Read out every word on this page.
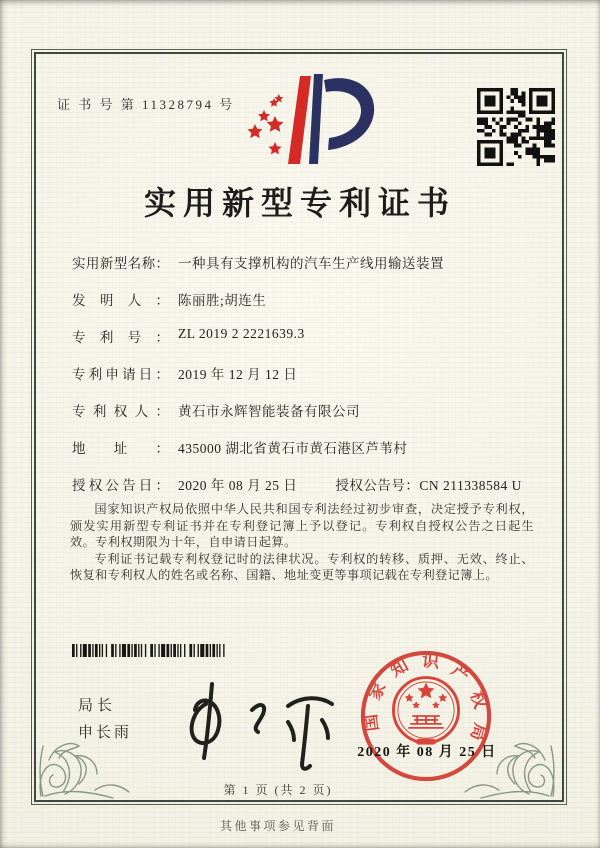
证 书 号 第 11328794 号
实用新型专利证书
实用新型名称： 一种具有支撑机构的汽车生产线用输送装置
发明人： 陈丽胜;胡连生
专利号： ZL 2019 2 2221639.3
专利申请日： 2019 年 12 月 12 日
专利权人： 黄石市永辉智能装备有限公司
地址： 435000 湖北省黄石市黄石港区芦苇村
授权公告日： 2020 年 08 月 25 日	授权公告号：CN 211338584 U

国家知识产权局依照中华人民共和国专利法经过初步审查，决定授予专利权，颁发实用新型专利证书并在专利登记簿上予以登记。专利权自授权公告之日起生效。专利权期限为十年，自申请日起算。

专利证书记载专利权登记时的法律状况。专利权的转移、质押、无效、终止、恢复和专利权人的姓名或名称、国籍、地址变更等事项记载在专利登记簿上。

局长
申长雨
国家知识产权局
2020 年 08 月 25 日
第 1 页 (共 2 页)
其他事项参见背面
